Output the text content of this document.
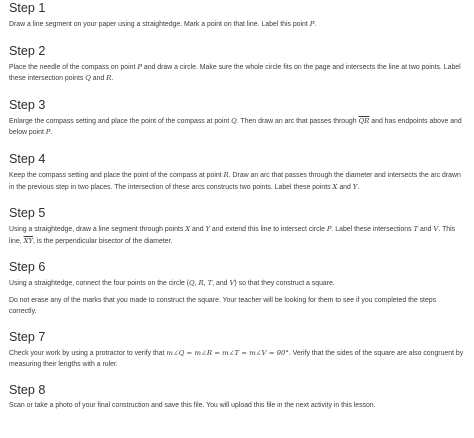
Step 1

Draw a line segment on your paper using a straightedge. Mark a point on that line. Label this point P.

Step 2

Place the needle of the compass on point P and draw a circle. Make sure the whole circle fits on the page and intersects the line at two points. Label these intersection points Q and R.

Step 3

Enlarge the compass setting and place the point of the compass at point Q. Then draw an arc that passes through $\overline{QR}$ and has endpoints above and below point P.

Step 4

Keep the compass setting and place the point of the compass at point R. Draw an arc that passes through the diameter and intersects the arc drawn in the previous step in two places. The intersection of these arcs constructs two points. Label these points X and Y.

Step 5

Using a straightedge, draw a line segment through points X and Y and extend this line to intersect circle P. Label these intersections T and V. This line, $\overline{XY}$, is the perpendicular bisector of the diameter.

Step 6

Using a straightedge, connect the four points on the circle (Q, R, T, and V) so that they construct a square.

Do not erase any of the marks that you made to construct the square. Your teacher will be looking for them to see if you completed the steps correctly.

Step 7

Check your work by using a protractor to verify that m∠Q = m∠R = m∠T = m∠V = 90°. Verify that the sides of the square are also congruent by measuring their lengths with a ruler.

Step 8

Scan or take a photo of your final construction and save this file. You will upload this file in the next activity in this lesson.
